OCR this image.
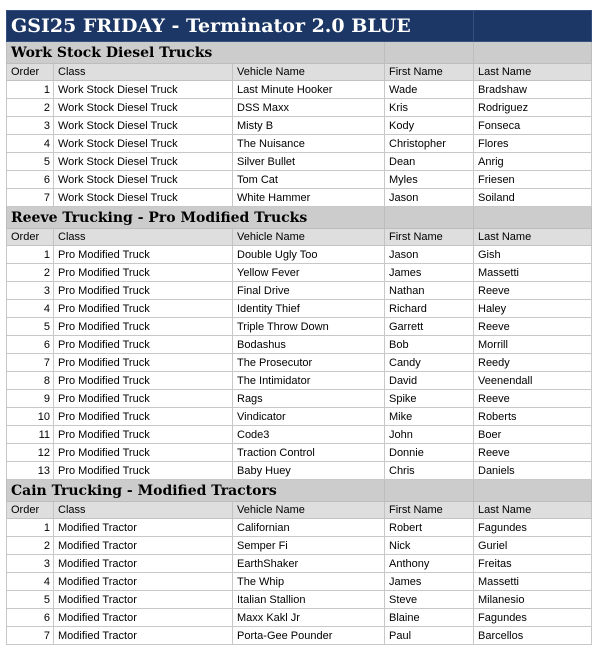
GSI25 FRIDAY - Terminator 2.0 BLUE				
Work Stock Diesel Trucks				
Order	Class	Vehicle Name	First Name	Last Name
1	Work Stock Diesel Truck	Last Minute Hooker	Wade	Bradshaw
2	Work Stock Diesel Truck	DSS Maxx	Kris	Rodriguez
3	Work Stock Diesel Truck	Misty B	Kody	Fonseca
4	Work Stock Diesel Truck	The Nuisance	Christopher	Flores
5	Work Stock Diesel Truck	Silver Bullet	Dean	Anrig
6	Work Stock Diesel Truck	Tom Cat	Myles	Friesen
7	Work Stock Diesel Truck	White Hammer	Jason	Soiland
Reeve Trucking - Pro Modified Trucks				
Order	Class	Vehicle Name	First Name	Last Name
1	Pro Modified Truck	Double Ugly Too	Jason	Gish
2	Pro Modified Truck	Yellow Fever	James	Massetti
3	Pro Modified Truck	Final Drive	Nathan	Reeve
4	Pro Modified Truck	Identity Thief	Richard	Haley
5	Pro Modified Truck	Triple Throw Down	Garrett	Reeve
6	Pro Modified Truck	Bodashus	Bob	Morrill
7	Pro Modified Truck	The Prosecutor	Candy	Reedy
8	Pro Modified Truck	The Intimidator	David	Veenendall
9	Pro Modified Truck	Rags	Spike	Reeve
10	Pro Modified Truck	Vindicator	Mike	Roberts
11	Pro Modified Truck	Code3	John	Boer
12	Pro Modified Truck	Traction Control	Donnie	Reeve
13	Pro Modified Truck	Baby Huey	Chris	Daniels
Cain Trucking - Modified Tractors				
Order	Class	Vehicle Name	First Name	Last Name
1	Modified Tractor	Californian	Robert	Fagundes
2	Modified Tractor	Semper Fi	Nick	Guriel
3	Modified Tractor	EarthShaker	Anthony	Freitas
4	Modified Tractor	The Whip	James	Massetti
5	Modified Tractor	Italian Stallion	Steve	Milanesio
6	Modified Tractor	Maxx Kakl Jr	Blaine	Fagundes
7	Modified Tractor	Porta-Gee Pounder	Paul	Barcellos
